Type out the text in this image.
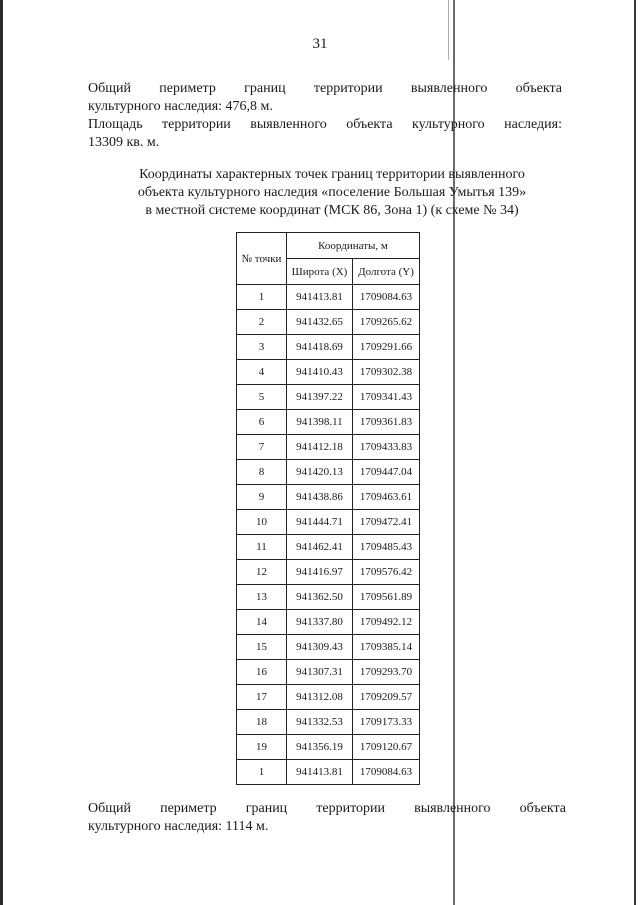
31
Общий периметр границ территории выявленного объекта
культурного наследия: 476,8 м.
Площадь территории выявленного объекта культурного наследия:
13309 кв. м.
Координаты характерных точек границ территории выявленного
объекта культурного наследия «поселение Большая Умытья 139»
в местной системе координат (МСК 86, Зона 1) (к схеме № 34)
№ точки	Координаты, м	
	Широта (X)	Долгота (Y)
1	941413.81	1709084.63
2	941432.65	1709265.62
3	941418.69	1709291.66
4	941410.43	1709302.38
5	941397.22	1709341.43
6	941398.11	1709361.83
7	941412.18	1709433.83
8	941420.13	1709447.04
9	941438.86	1709463.61
10	941444.71	1709472.41
11	941462.41	1709485.43
12	941416.97	1709576.42
13	941362.50	1709561.89
14	941337.80	1709492.12
15	941309.43	1709385.14
16	941307.31	1709293.70
17	941312.08	1709209.57
18	941332.53	1709173.33
19	941356.19	1709120.67
1	941413.81	1709084.63
Общий периметр границ территории выявленного объекта
культурного наследия: 1114 м.
